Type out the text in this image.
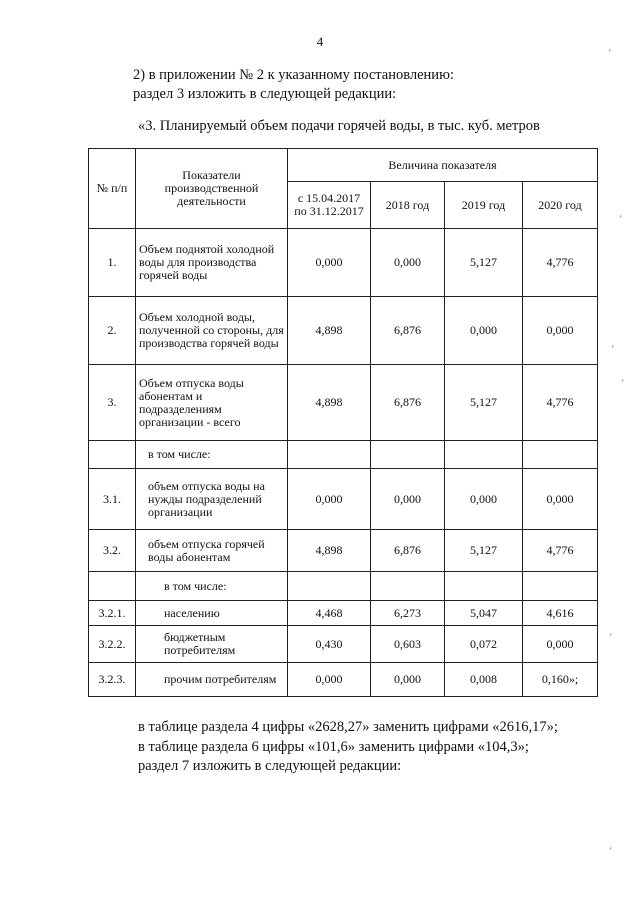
4
2) в приложении № 2 к указанному постановлению:
раздел 3 изложить в следующей редакции:
«3. Планируемый объем подачи горячей воды, в тыс. куб. метров
№ п/п	Показатели производственной деятельности	Величина показателя			
		с 15.04.2017 по 31.12.2017	2018 год	2019 год	2020 год
1.	Объем поднятой холодной воды для производства горячей воды	0,000	0,000	5,127	4,776
2.	Объем холодной воды, полученной со стороны, для производства горячей воды	4,898	6,876	0,000	0,000
3.	Объем отпуска воды абонентам и подразделениям организации - всего	4,898	6,876	5,127	4,776
	в том числе:				
3.1.	объем отпуска воды на нужды подразделений организации	0,000	0,000	0,000	0,000
3.2.	объем отпуска горячей воды абонентам	4,898	6,876	5,127	4,776
	в том числе:				
3.2.1.	населению	4,468	6,273	5,047	4,616
3.2.2.	бюджетным потребителям	0,430	0,603	0,072	0,000
3.2.3.	прочим потребителям	0,000	0,000	0,008	0,160»;
в таблице раздела 4 цифры «2628,27» заменить цифрами «2616,17»;
в таблице раздела 6 цифры «101,6» заменить цифрами «104,3»;
раздел 7 изложить в следующей редакции:
'
'
'
'
'
'
